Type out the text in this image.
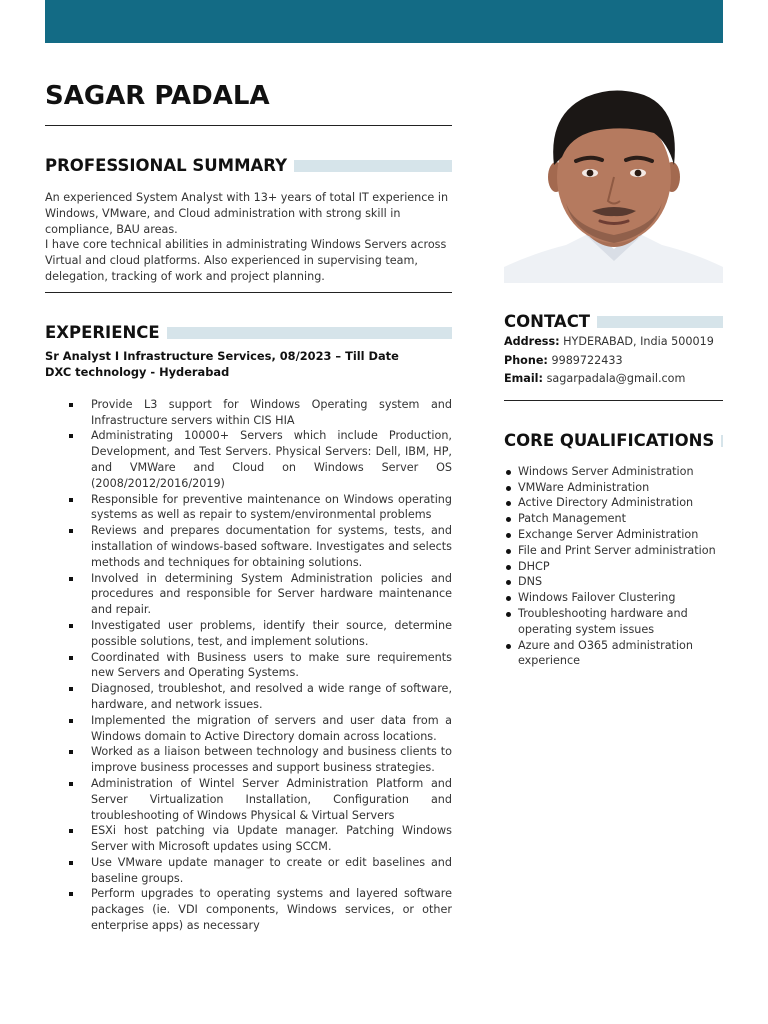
SAGAR PADALA
PROFESSIONAL SUMMARY

An experienced System Analyst with 13+ years of total IT experience in Windows, VMware, and Cloud administration with strong skill in compliance, BAU areas.

I have core technical abilities in administrating Windows Servers across Virtual and cloud platforms. Also experienced in supervising team, delegation, tracking of work and project planning.

EXPERIENCE

Sr Analyst I Infrastructure Services, 08/2023 – Till Date

DXC technology - Hyderabad

Provide L3 support for Windows Operating system and Infrastructure servers within CIS HIA
Administrating 10000+ Servers which include Production, Development, and Test Servers. Physical Servers: Dell, IBM, HP, and VMWare and Cloud on Windows Server OS (2008/2012/2016/2019)
Responsible for preventive maintenance on Windows operating systems as well as repair to system/environmental problems
Reviews and prepares documentation for systems, tests, and installation of windows-based software. Investigates and selects methods and techniques for obtaining solutions.
Involved in determining System Administration policies and procedures and responsible for Server hardware maintenance and repair.
Investigated user problems, identify their source, determine possible solutions, test, and implement solutions.
Coordinated with Business users to make sure requirements new Servers and Operating Systems.
Diagnosed, troubleshot, and resolved a wide range of software, hardware, and network issues.
Implemented the migration of servers and user data from a Windows domain to Active Directory domain across locations.
Worked as a liaison between technology and business clients to improve business processes and support business strategies.
Administration of Wintel Server Administration Platform and Server Virtualization Installation, Configuration and troubleshooting of Windows Physical & Virtual Servers
ESXi host patching via Update manager. Patching Windows Server with Microsoft updates using SCCM.
Use VMware update manager to create or edit baselines and baseline groups.
Perform upgrades to operating systems and layered software packages (ie. VDI components, Windows services, or other enterprise apps) as necessary
CONTACT

Address: HYDERABAD, India 500019

Phone: 9989722433

Email: sagarpadala@gmail.com

CORE QUALIFICATIONS
Windows Server Administration
VMWare Administration
Active Directory Administration
Patch Management
Exchange Server Administration
File and Print Server administration
DHCP
DNS
Windows Failover Clustering
Troubleshooting hardware and operating system issues
Azure and O365 administration experience
